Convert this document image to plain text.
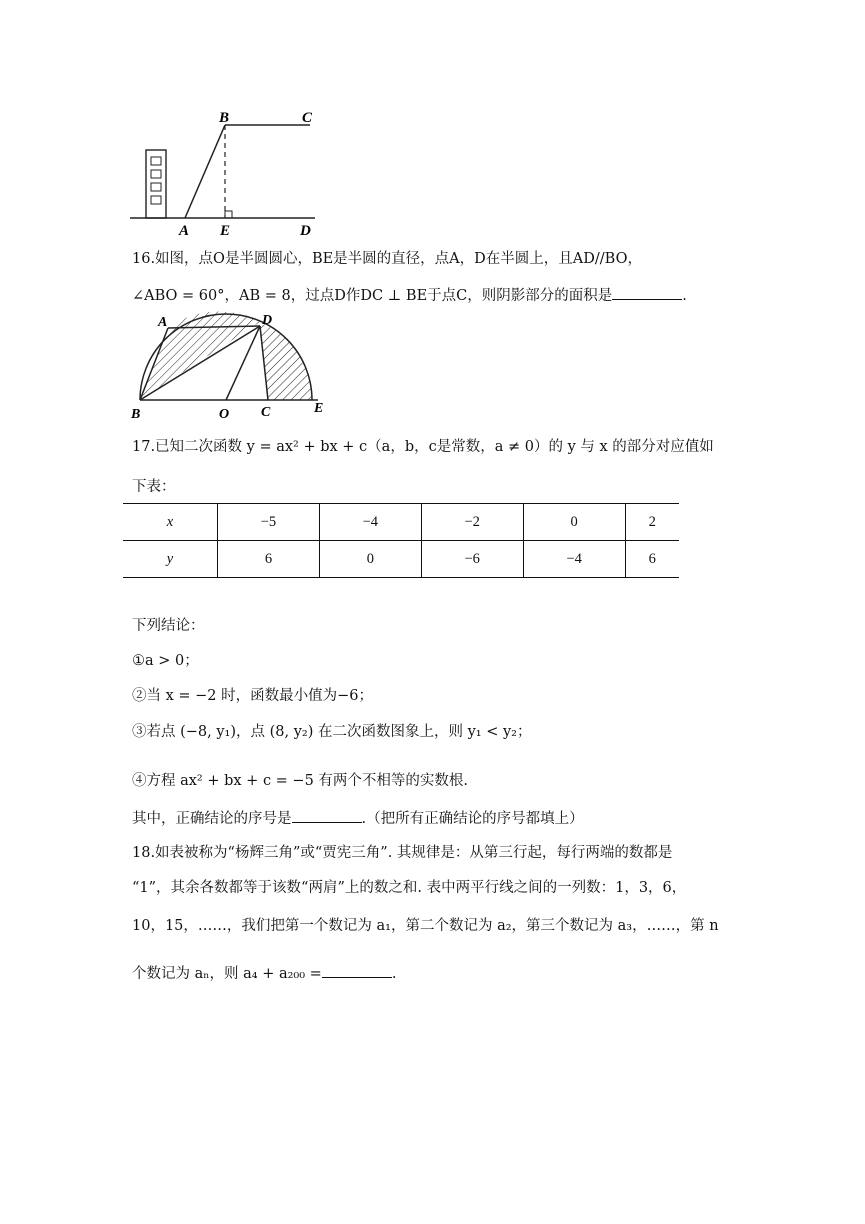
B	C
A E	D
16.如图，点O是半圆圆心，BE是半圆的直径，点A，D在半圆上，且AD//BO，
∠ABO = 60°，AB = 8，过点D作DC ⊥ BE于点C，则阴影部分的面积是	.
A	D
B	O C	E
17.已知二次函数 y = ax² + bx + c（a，b，c是常数，a ≠ 0）的 y 与 x 的部分对应值如
下表：
x	−5	−4	−2	0	2
y	6	0	−6	−4	6
下列结论：
①a > 0；
②当 x = −2 时，函数最小值为−6；
③若点 (−8, y₁)，点 (8, y₂) 在二次函数图象上，则 y₁ < y₂；
④方程 ax² + bx + c = −5 有两个不相等的实数根.
其中，正确结论的序号是	.（把所有正确结论的序号都填上）
18.如表被称为“杨辉三角”或“贾宪三角”. 其规律是：从第三行起，每行两端的数都是
“1”，其余各数都等于该数“两肩”上的数之和. 表中两平行线之间的一列数：1，3，6，
10，15，……，我们把第一个数记为 a₁，第二个数记为 a₂，第三个数记为 a₃，……，第 n
个数记为 aₙ，则 a₄ + a₂₀₀ =	.
